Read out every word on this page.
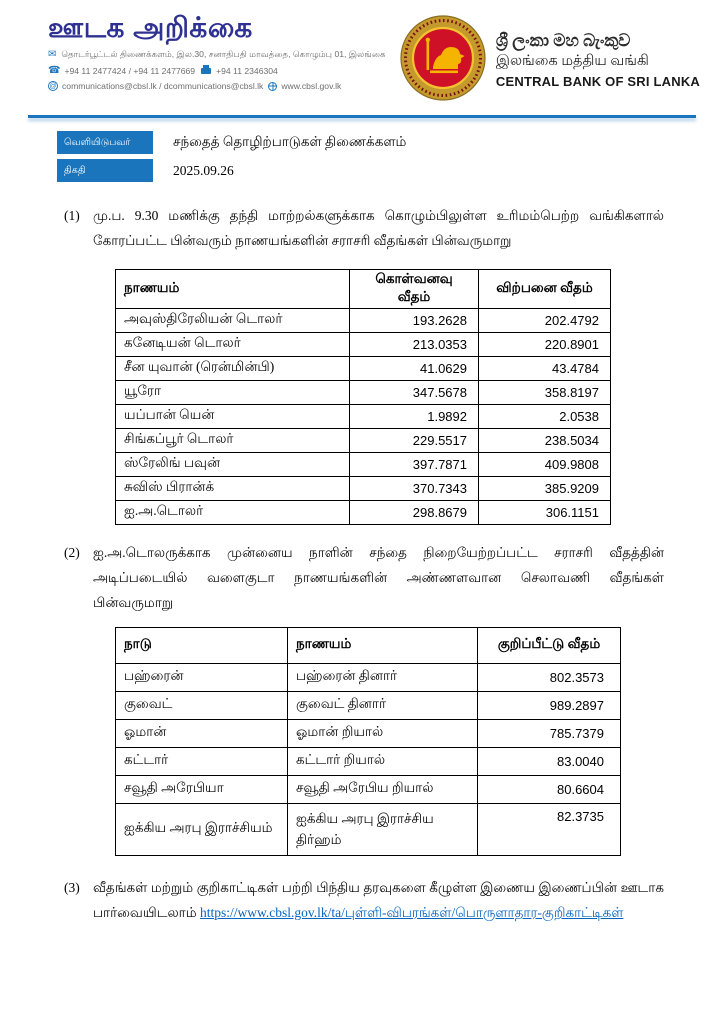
ஊடக அறிக்கை
✉ தொடர்பூட்டல் திணைக்களம், இல.30, சனாதிபதி மாவத்தை, கொழும்பு 01, இலங்கை
☎ +94 11 2477424 / +94 11 2477669 +94 11 2346304
@ communications@cbsl.lk / dcommunications@cbsl.lk www.cbsl.gov.lk
ශ්‍රී ලංකා මහ බැංකුව
இலங்கை மத்திய வங்கி
CENTRAL BANK OF SRI LANKA
வெளியிடுபவர்	சந்தைத் தொழிற்பாடுகள் திணைக்களம்
திகதி	2025.09.26
(1) மு.ப. 9.30 மணிக்கு தந்தி மாற்றல்களுக்காக கொழும்பிலுள்ள உரிமம்பெற்ற வங்கிகளால் கோரப்பட்ட பின்வரும் நாணயங்களின் சராசரி வீதங்கள் பின்வருமாறு
நாணயம்	கொள்வனவு வீதம்	விற்பனை வீதம்
அவுஸ்திரேலியன் டொலர்	193.2628	202.4792
கனேடியன் டொலர்	213.0353	220.8901
சீன யுவான் (ரென்மின்பி)	41.0629	43.4784
யூரோ	347.5678	358.8197
யப்பான் யென்	1.9892	2.0538
சிங்கப்பூர் டொலர்	229.5517	238.5034
ஸ்ரேலிங் பவுன்	397.7871	409.9808
சுவிஸ் பிரான்க்	370.7343	385.9209
ஐ.அ.டொலர்	298.8679	306.1151
(2) ஐ.அ.டொலருக்காக முன்னைய நாளின் சந்தை நிறையேற்றப்பட்ட சராசரி வீதத்தின் அடிப்படையில் வளைகுடா நாணயங்களின் அண்ணளவான செலாவணி வீதங்கள் பின்வருமாறு
நாடு	நாணயம்	குறிப்பீட்டு வீதம்
பஹ்ரைன்	பஹ்ரைன் தினார்	802.3573
குவைட்	குவைட் தினார்	989.2897
ஓமான்	ஓமான் றியால்	785.7379
கட்டார்	கட்டார் றியால்	83.0040
சவூதி அரேபியா	சவூதி அரேபிய றியால்	80.6604
ஐக்கிய அரபு இராச்சியம்	ஐக்கிய அரபு இராச்சிய திர்ஹம்	82.3735
(3) வீதங்கள் மற்றும் குறிகாட்டிகள் பற்றி பிந்திய தரவுகளை கீழுள்ள இணைய இணைப்பின் ஊடாக பார்வையிடலாம் https://www.cbsl.gov.lk/ta/புள்ளி-விபரங்கள்/பொருளாதார-குறிகாட்டிகள்
